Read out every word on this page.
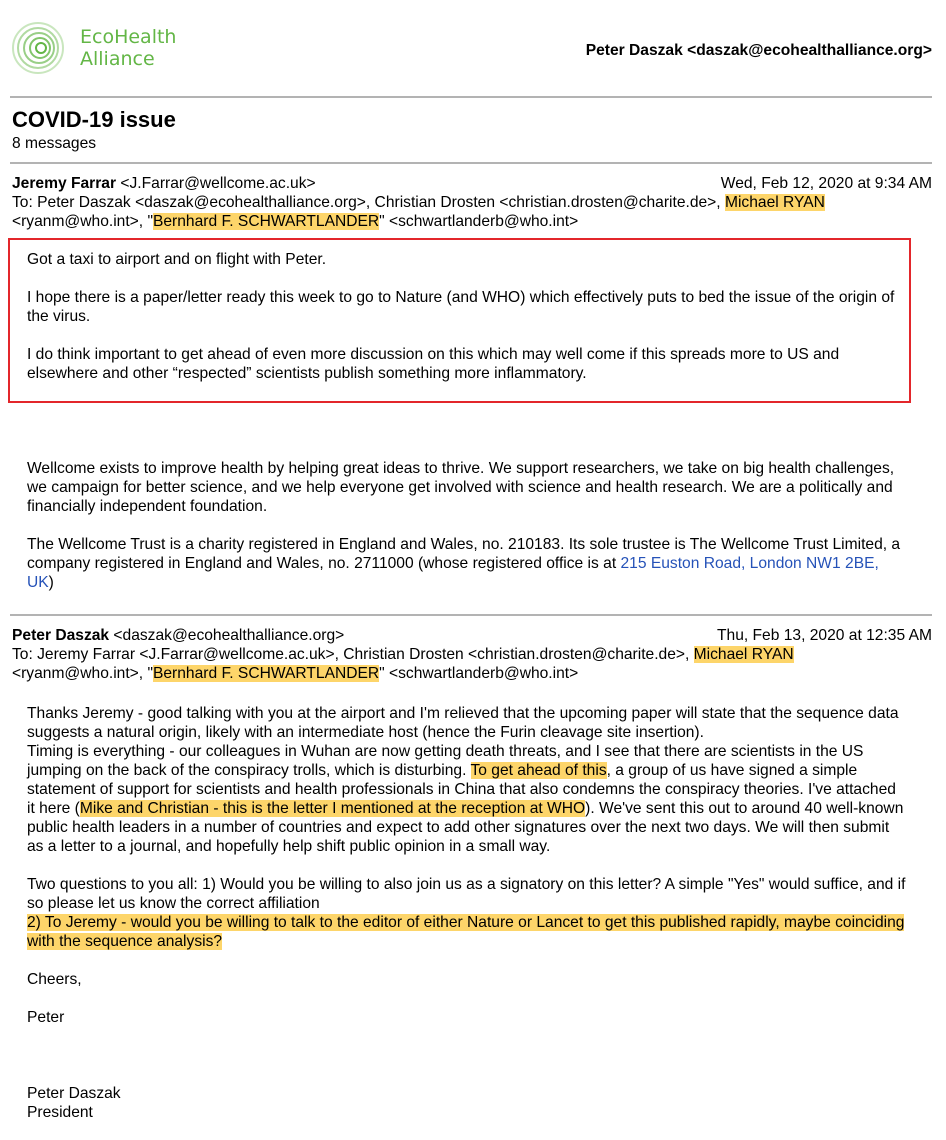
EcoHealth
Alliance	Peter Daszak <daszak@ecohealthalliance.org>
COVID-19 issue
8 messages
Jeremy Farrar <J.Farrar@wellcome.ac.uk>	Wed, Feb 12, 2020 at 9:34 AM
To: Peter Daszak <daszak@ecohealthalliance.org>, Christian Drosten <christian.drosten@charite.de>, Michael RYAN
<ryanm@who.int>, "Bernhard F. SCHWARTLANDER" <schwartlanderb@who.int>

Got a taxi to airport and on flight with Peter.

I hope there is a paper/letter ready this week to go to Nature (and WHO) which effectively puts to bed the issue of the origin of the virus.

I do think important to get ahead of even more discussion on this which may well come if this spreads more to US and elsewhere and other “respected” scientists publish something more inflammatory.

Wellcome exists to improve health by helping great ideas to thrive. We support researchers, we take on big health challenges, we campaign for better science, and we help everyone get involved with science and health research. We are a politically and financially independent foundation.

The Wellcome Trust is a charity registered in England and Wales, no. 210183. Its sole trustee is The Wellcome Trust Limited, a company registered in England and Wales, no. 2711000 (whose registered office is at 215 Euston Road, London NW1 2BE, UK)

Peter Daszak <daszak@ecohealthalliance.org>	Thu, Feb 13, 2020 at 12:35 AM
To: Jeremy Farrar <J.Farrar@wellcome.ac.uk>, Christian Drosten <christian.drosten@charite.de>, Michael RYAN
<ryanm@who.int>, "Bernhard F. SCHWARTLANDER" <schwartlanderb@who.int>

Thanks Jeremy - good talking with you at the airport and I'm relieved that the upcoming paper will state that the sequence data suggests a natural origin, likely with an intermediate host (hence the Furin cleavage site insertion).

Timing is everything - our colleagues in Wuhan are now getting death threats, and I see that there are scientists in the US jumping on the back of the conspiracy trolls, which is disturbing. To get ahead of this, a group of us have signed a simple statement of support for scientists and health professionals in China that also condemns the conspiracy theories. I've attached it here (Mike and Christian - this is the letter I mentioned at the reception at WHO). We've sent this out to around 40 well-known public health leaders in a number of countries and expect to add other signatures over the next two days. We will then submit as a letter to a journal, and hopefully help shift public opinion in a small way.

Two questions to you all: 1) Would you be willing to also join us as a signatory on this letter? A simple "Yes" would suffice, and if so please let us know the correct affiliation

2) To Jeremy - would you be willing to talk to the editor of either Nature or Lancet to get this published rapidly, maybe coinciding with the sequence analysis?

Cheers,

Peter

Peter Daszak

President
